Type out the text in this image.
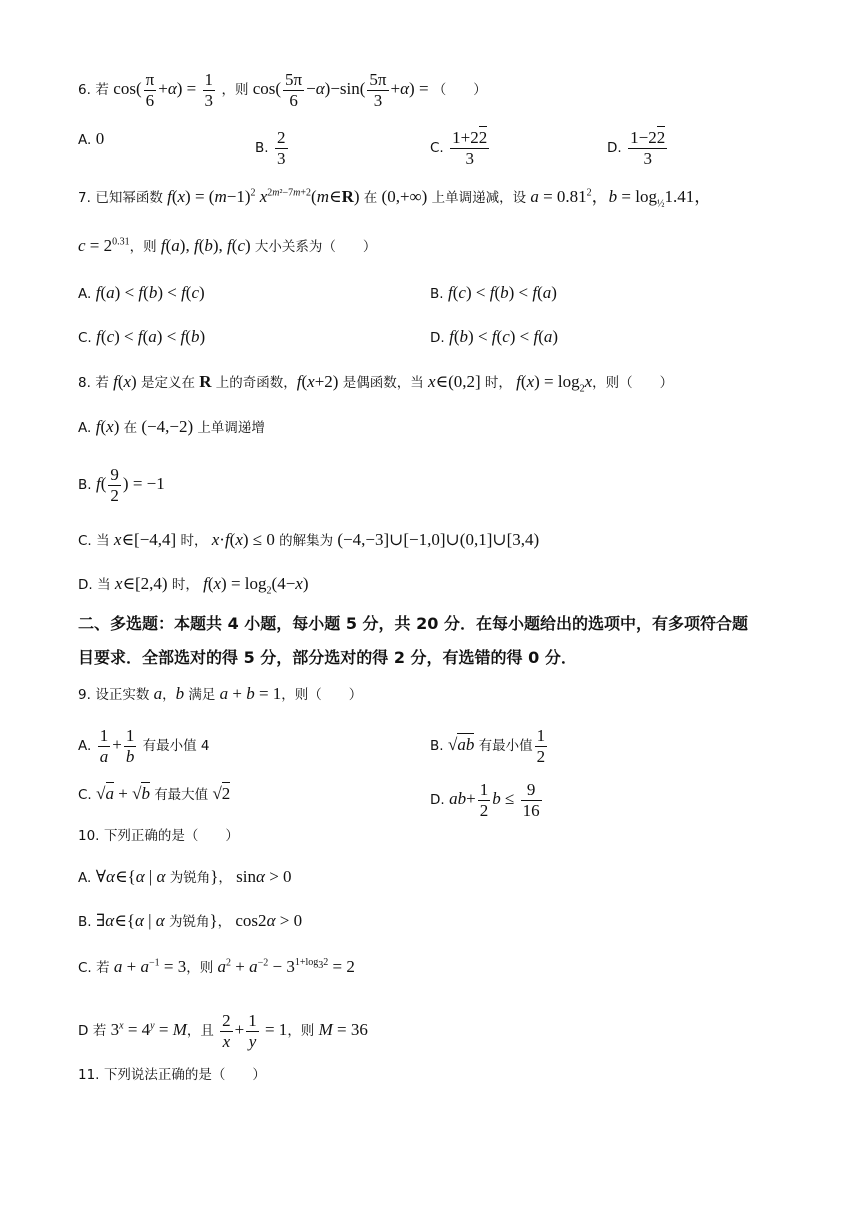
6. 若 $\cos( \frac{\pi}{6} +\alpha) = \frac{1}{3}$ ，则 $\cos( \frac{5\pi}{6} -\alpha)-\sin( \frac{5\pi}{3} +\alpha)$ = （　　）
A. 0	B. $\frac{2}{3}$	C. $\frac{1+22}{3}$	D. $\frac{1-22}{3}$
7. 已知幂函数 $f(x) = (m-1)^2$ $x^{2m^2-7m+2}(m\in R)$ 在 (0,+∞) 上单调递减，设 $a = 0.81^2$，$b = \log_{\frac{1}{2}}1.41$，
$c = 2^{0.31}$，则 f(a), f(b), f(c) 大小关系为（　　）
A. f(a) < f(b) < f(c)	B. f(c) < f(b) < f(a)
C. f(c) < f(a) < f(b)	D. f(b) < f(c) < f(a)
8. 若 f(x) 是定义在 R 上的奇函数，f(x+2) 是偶函数，当 x∈(0,2] 时， $f(x) = \log_2x$，则（　　）
A. f(x) 在 (−4,−2) 上单调递增
B. $f( \frac{9}{2}$ ) = −1
C. 当 x∈[−4,4] 时， x·f(x) ≤ 0 的解集为 (−4,−3]∪[−1,0]∪(0,1]∪[3,4)
D. 当 x∈[2,4) 时， $f(x) = \log_2(4-x)$
二、多选题：本题共 4 小题，每小题 5 分，共 20 分．在每小题给出的选项中，有多项符合题
目要求．全部选对的得 5 分，部分选对的得 2 分，有选错的得 0 分．
9. 设正实数 a，b 满足 a + b = 1，则（　　）
A. $\frac{1}{a} + \frac{1}{b}$ 有最小值 4	B. √ab 有最小值 $\frac{1}{2}$
C. √a + √b 有最大值 √2	D. $ab+ \frac{1}{2}$ $b \le \frac{9}{16}$
10. 下列正确的是（　　）
A. ∀α∈{α | α 为锐角}， sinα > 0
B. ∃α∈{α | α 为锐角}， cos2α > 0
C. 若 $a + a^{-1} = 3$，则 $a^2 + a^{-2} - 3^{1+log_32} = 2$
D 若 $3^x = 4^y = M$，且 $\frac{2}{x} + \frac{1}{y} = 1$，则 M = 36
11. 下列说法正确的是（　　）
